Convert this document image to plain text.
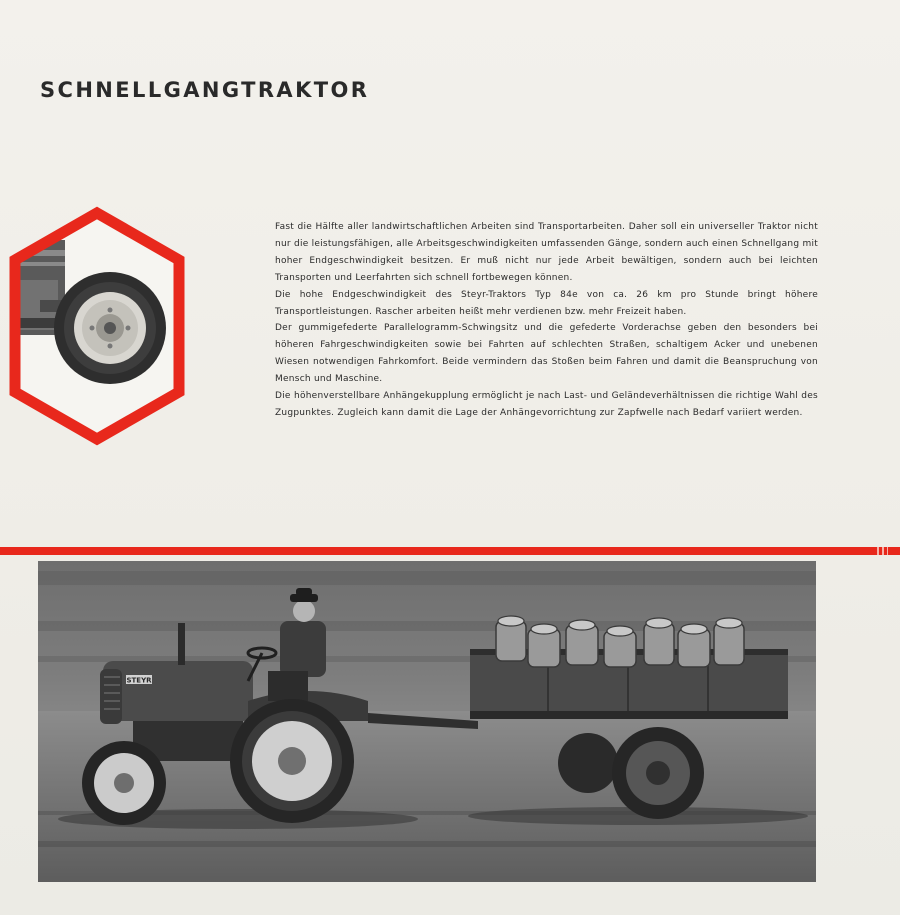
SCHNELLGANGTRAKTOR

Fast die Hälfte aller landwirtschaftlichen Arbeiten sind Transportarbeiten. Daher soll ein universeller Traktor nicht nur die leistungsfähigen, alle Arbeitsgeschwindigkeiten umfassenden Gänge, sondern auch einen Schnellgang mit hoher Endgeschwindigkeit besitzen. Er muß nicht nur jede Arbeit bewältigen, sondern auch bei leichten Transporten und Leerfahrten sich schnell fortbewegen können.

Die hohe Endgeschwindigkeit des Steyr-Traktors Typ 84e von ca. 26 km pro Stunde bringt höhere Transportleistungen. Rascher arbeiten heißt mehr verdienen bzw. mehr Freizeit haben.

Der gummigefederte Parallelogramm-Schwingsitz und die gefederte Vorderachse geben den besonders bei höheren Fahrgeschwindigkeiten sowie bei Fahrten auf schlechten Straßen, schaltigem Acker und unebenen Wiesen notwendigen Fahrkomfort. Beide vermindern das Stoßen beim Fahren und damit die Beanspruchung von Mensch und Maschine.

Die höhenverstellbare Anhängekupplung ermöglicht je nach Last- und Geländeverhältnissen die richtige Wahl des Zugpunktes. Zugleich kann damit die Lage der Anhängevorrichtung zur Zapfwelle nach Bedarf variiert werden.

STEYR
